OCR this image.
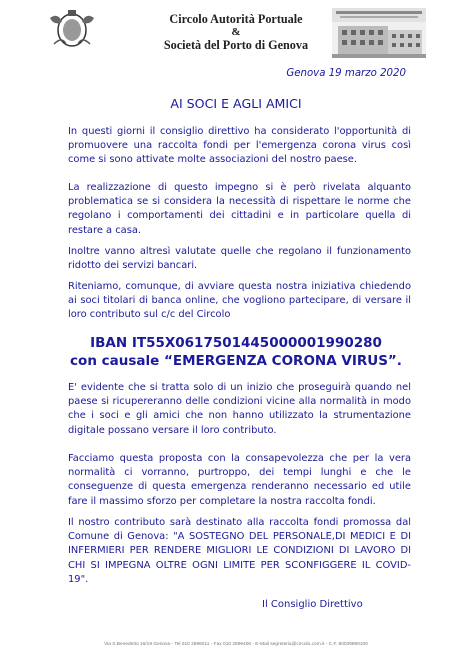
Circolo Autorità Portuale
&
Società del Porto di Genova
Genova 19 marzo 2020
AI SOCI E AGLI AMICI
In questi giorni il consiglio direttivo ha considerato l'opportunità di promuovere una raccolta fondi per l'emergenza corona virus così come si sono attivate molte associazioni del nostro paese.
La realizzazione di questo impegno si è però rivelata alquanto problematica se si considera la necessità di rispettare le norme che regolano i comportamenti dei cittadini e in particolare quella di restare a casa.
Inoltre vanno altresì valutate quelle che regolano il funzionamento ridotto dei servizi bancari.
Riteniamo, comunque, di avviare questa nostra iniziativa chiedendo ai soci titolari di banca online, che vogliono partecipare, di versare il loro contributo sul c/c del Circolo
IBAN IT55X0617501445000001990280
con causale “EMERGENZA CORONA VIRUS”.
E' evidente che si tratta solo di un inizio che proseguirà quando nel paese si ricupereranno delle condizioni vicine alla normalità in modo che i soci e gli amici che non hanno utilizzato la strumentazione digitale possano versare il loro contributo.
Facciamo questa proposta con la consapevolezza che per la vera normalità ci vorranno, purtroppo, dei tempi lunghi e che le conseguenze di questa emergenza renderanno necessario ed utile fare il massimo sforzo per completare la nostra raccolta fondi.
Il nostro contributo sarà destinato alla raccolta fondi promossa dal Comune di Genova: "A SOSTEGNO DEL PERSONALE,DI MEDICI E DI INFERMIERI PER RENDERE MIGLIORI LE CONDIZIONI DI LAVORO DI CHI SI IMPEGNA OLTRE OGNI LIMITE PER SCONFIGGERE IL COVID-19".
Il Consiglio Direttivo
Via S.Benedetto 16/19 Genova - Tel 010 2896011 - Fax 010 2896406 - E-Mail segreteria@circolo.com.it - C.F. 80039890100
